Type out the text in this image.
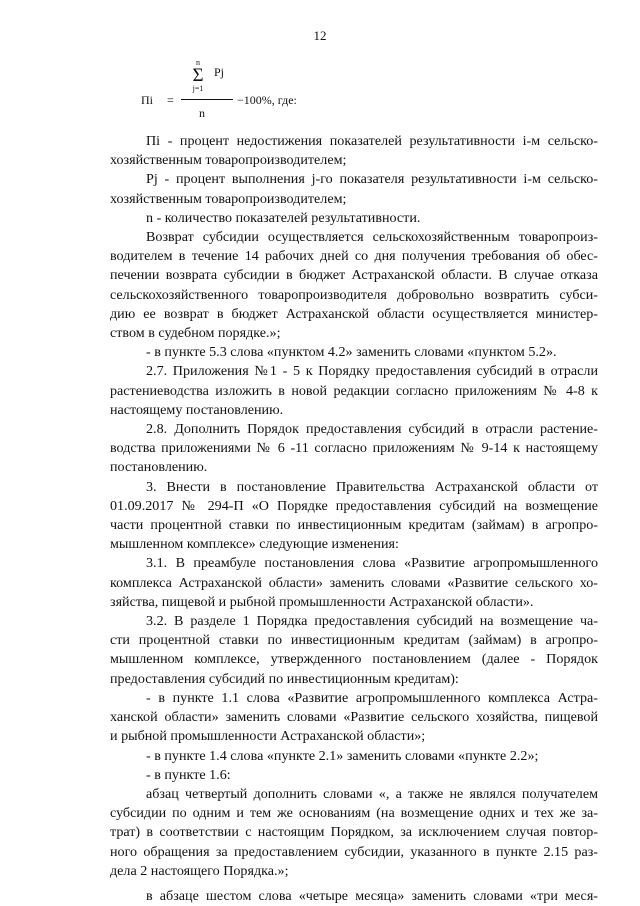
12
Пi =
n
Σ
j=1
Pj
n
−100%, где:
Пi - процент недостижения показателей результативности i-м сельско-
хозяйственным товаропроизводителем;
Pj - процент выполнения j-го показателя результативности i-м сельско-
хозяйственным товаропроизводителем;
n - количество показателей результативности.
Возврат субсидии осуществляется сельскохозяйственным товаропроиз-
водителем в течение 14 рабочих дней со дня получения требования об обес-
печении возврата субсидии в бюджет Астраханской области. В случае отказа
сельскохозяйственного товаропроизводителя добровольно возвратить субси-
дию ее возврат в бюджет Астраханской области осуществляется министер-
ством в судебном порядке.»;
- в пункте 5.3 слова «пунктом 4.2» заменить словами «пунктом 5.2».
2.7. Приложения №1 - 5 к Порядку предоставления субсидий в отрасли
растениеводства изложить в новой редакции согласно приложениям № 4-8 к
настоящему постановлению.
2.8. Дополнить Порядок предоставления субсидий в отрасли растение-
водства приложениями № 6 -11 согласно приложениям № 9-14 к настоящему
постановлению.
3. Внести в постановление Правительства Астраханской области от
01.09.2017 № 294-П «О Порядке предоставления субсидий на возмещение
части процентной ставки по инвестиционным кредитам (займам) в агропро-
мышленном комплексе» следующие изменения:
3.1. В преамбуле постановления слова «Развитие агропромышленного
комплекса Астраханской области» заменить словами «Развитие сельского хо-
зяйства, пищевой и рыбной промышленности Астраханской области».
3.2. В разделе 1 Порядка предоставления субсидий на возмещение ча-
сти процентной ставки по инвестиционным кредитам (займам) в агропро-
мышленном комплексе, утвержденного постановлением (далее - Порядок
предоставления субсидий по инвестиционным кредитам):
- в пункте 1.1 слова «Развитие агропромышленного комплекса Астра-
ханской области» заменить словами «Развитие сельского хозяйства, пищевой
и рыбной промышленности Астраханской области»;
- в пункте 1.4 слова «пункте 2.1» заменить словами «пункте 2.2»;
- в пункте 1.6:
абзац четвертый дополнить словами «, а также не являлся получателем
субсидии по одним и тем же основаниям (на возмещение одних и тех же за-
трат) в соответствии с настоящим Порядком, за исключением случая повтор-
ного обращения за предоставлением субсидии, указанного в пункте 2.15 раз-
дела 2 настоящего Порядка.»;
в абзаце шестом слова «четыре месяца» заменить словами «три меся-
